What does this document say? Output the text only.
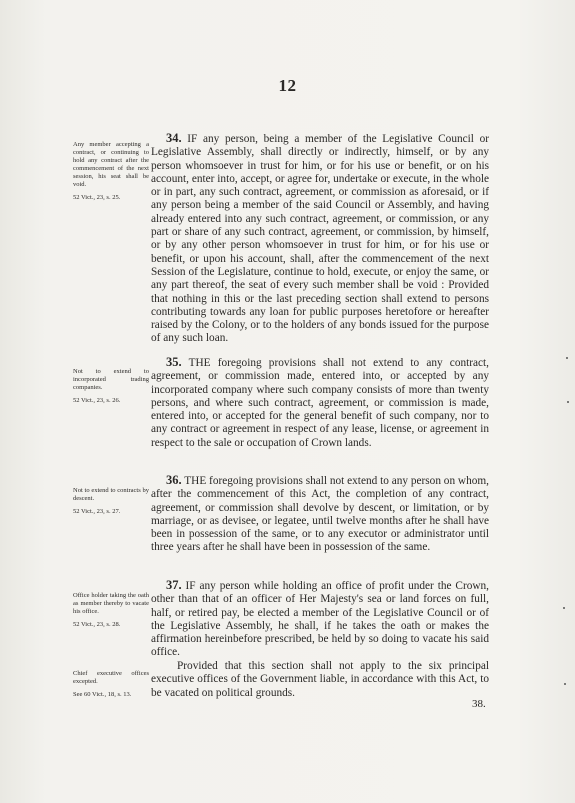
12
Any member accepting a contract, or continuing to hold any contract after the commencement of the next session, his seat shall be void.
52 Vict., 23, s. 25.
34. IF any person, being a member of the Legislative Council or Legislative Assembly, shall directly or indirectly, himself, or by any person whomsoever in trust for him, or for his use or benefit, or on his account, enter into, accept, or agree for, undertake or execute, in the whole or in part, any such contract, agreement, or commission as aforesaid, or if any person being a member of the said Council or Assembly, and having already entered into any such contract, agreement, or commission, or any part or share of any such contract, agreement, or commission, by himself, or by any other person whomsoever in trust for him, or for his use or benefit, or upon his account, shall, after the commencement of the next Session of the Legislature, continue to hold, execute, or enjoy the same, or any part thereof, the seat of every such member shall be void : Provided that nothing in this or the last preceding section shall extend to persons contributing towards any loan for public purposes heretofore or hereafter raised by the Colony, or to the holders of any bonds issued for the purpose of any such loan.
Not to extend to incorporated trading companies.
52 Vict., 23, s. 26.
35. THE foregoing provisions shall not extend to any contract, agreement, or commission made, entered into, or accepted by any incorporated company where such company consists of more than twenty persons, and where such contract, agreement, or commission is made, entered into, or accepted for the general benefit of such company, nor to any contract or agreement in respect of any lease, license, or agreement in respect to the sale or occupation of Crown lands.
Not to extend to contracts by descent.
52 Vict., 23, s. 27.
36. THE foregoing provisions shall not extend to any person on whom, after the commencement of this Act, the completion of any contract, agreement, or commission shall devolve by descent, or limitation, or by marriage, or as devisee, or legatee, until twelve months after he shall have been in possession of the same, or to any executor or administrator until three years after he shall have been in possession of the same.
Office holder taking the oath as member thereby to vacate his office.
52 Vict., 23, s. 28.
37. IF any person while holding an office of profit under the Crown, other than that of an officer of Her Majesty's sea or land forces on full, half, or retired pay, be elected a member of the Legislative Council or of the Legislative Assembly, he shall, if he takes the oath or makes the affirmation hereinbefore prescribed, be held by so doing to vacate his said office.
Chief executive offices excepted.
See 60 Vict., 18, s. 13.
Provided that this section shall not apply to the six principal executive offices of the Government liable, in accordance with this Act, to be vacated on political grounds.
38.
